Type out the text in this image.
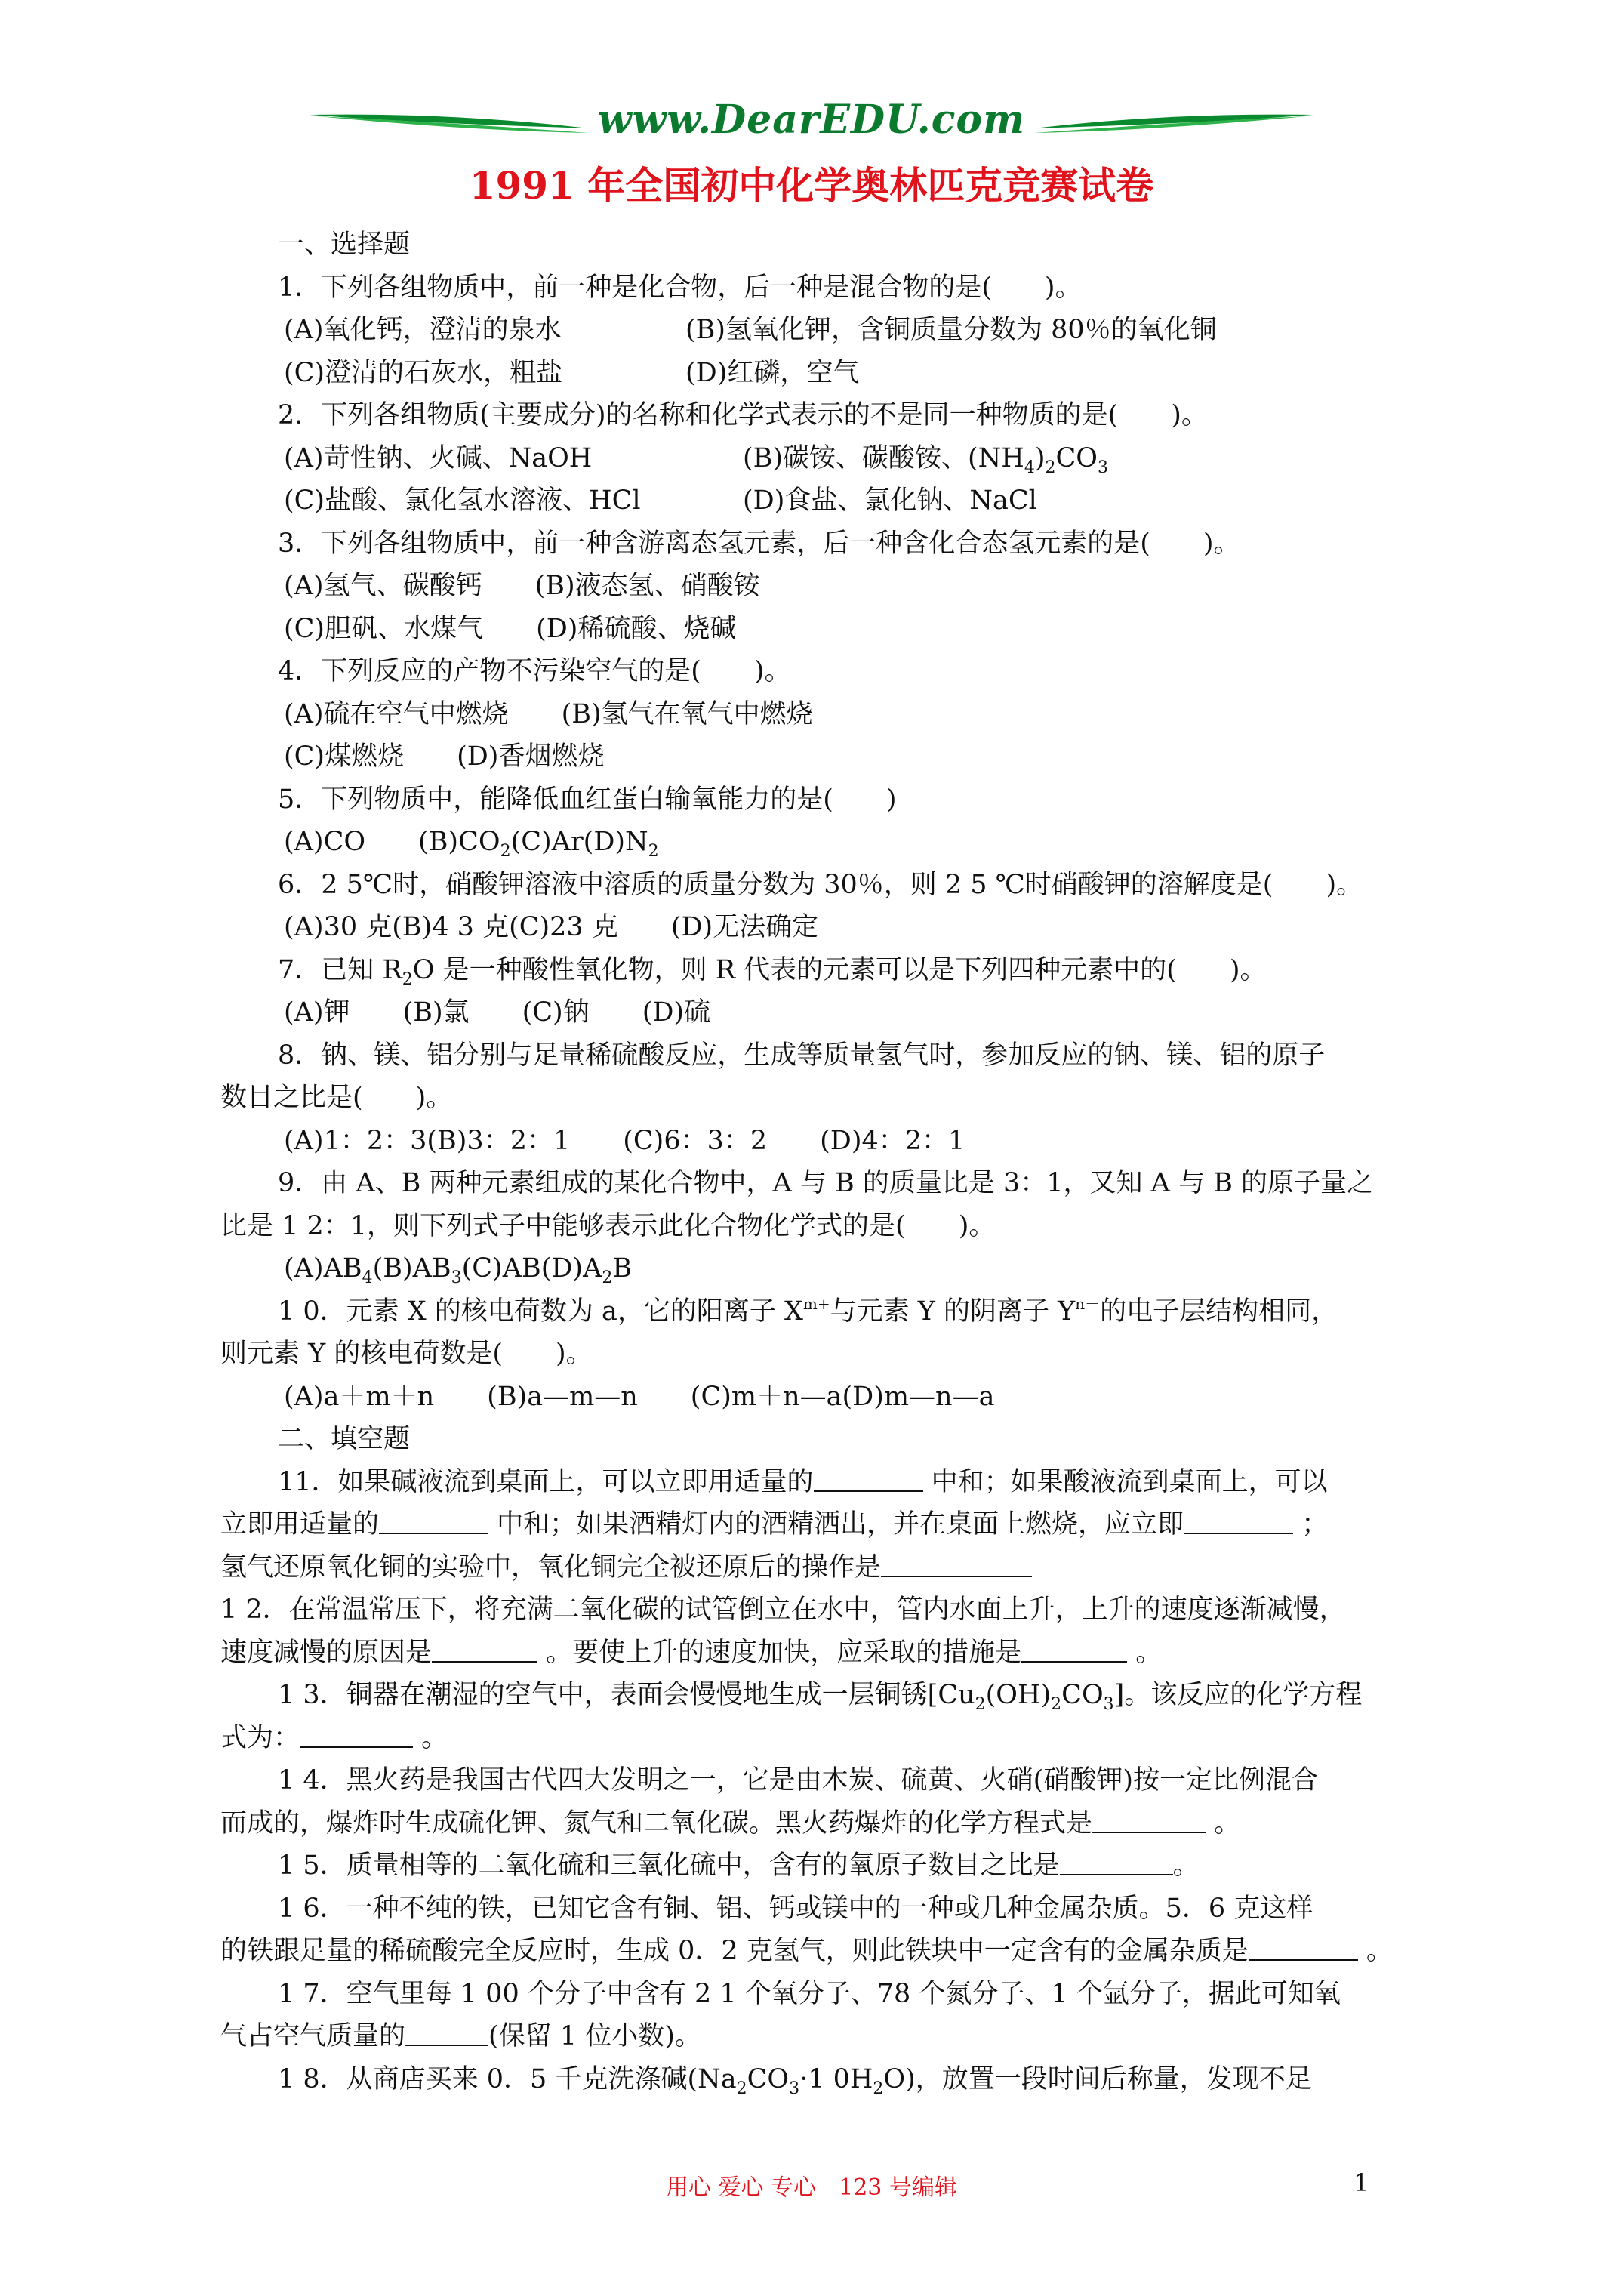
www.DearEDU.com
1991 年全国初中化学奥林匹克竞赛试卷
一、选择题
1．下列各组物质中，前一种是化合物，后一种是混合物的是(　　)。
(A)氧化钙，澄清的泉水	(B)氢氧化钾，含铜质量分数为 80％的氧化铜
(C)澄清的石灰水，粗盐	(D)红磷，空气
2．下列各组物质(主要成分)的名称和化学式表示的不是同一种物质的是(　　)。
(A)苛性钠、火碱、NaOH	(B)碳铵、碳酸铵、$(NH_4)_2CO_3$
(C)盐酸、氯化氢水溶液、HCl	(D)食盐、氯化钠、NaCl
3．下列各组物质中，前一种含游离态氢元素，后一种含化合态氢元素的是(　　)。
(A)氢气、碳酸钙　　(B)液态氢、硝酸铵
(C)胆矾、水煤气　　(D)稀硫酸、烧碱
4．下列反应的产物不污染空气的是(　　)。
(A)硫在空气中燃烧　　(B)氢气在氧气中燃烧
(C)煤燃烧　　(D)香烟燃烧
5．下列物质中，能降低血红蛋白输氧能力的是(　　)
(A)CO　　$(B)CO_2(C)Ar(D)N_2$
6．2 5℃时，硝酸钾溶液中溶质的质量分数为 30％，则 2 5 ℃时硝酸钾的溶解度是(　　)。
(A)30 克(B)4 3 克(C)23 克　　(D)无法确定
7．已知 $R_2O$ 是一种酸性氧化物，则 R 代表的元素可以是下列四种元素中的(　　)。
(A)钾　　(B)氯　　(C)钠　　(D)硫
8．钠、镁、铝分别与足量稀硫酸反应，生成等质量氢气时，参加反应的钠、镁、铝的原子
数目之比是(　　)。
(A)1：2：3(B)3：2：1　　(C)6：3：2　　(D)4：2：1
9．由 A、B 两种元素组成的某化合物中，A 与 B 的质量比是 3：1，又知 A 与 B 的原子量之
比是 1 2：1，则下列式子中能够表示此化合物化学式的是(　　)。
$(A)AB_4(B)AB_3(C)AB(D)A_2B$
1 0．元素 X 的核电荷数为 a，它的阳离子 $X^{m+}$与元素 Y 的阴离子 $Y^{n-}$的电子层结构相同，
则元素 Y 的核电荷数是(　　)。
(A)a＋m＋n　　(B)a—m—n　　(C)m＋n—a(D)m—n—a
二、填空题
11．如果碱液流到桌面上，可以立即用适量的	中和；如果酸液流到桌面上，可以
立即用适量的	中和；如果酒精灯内的酒精洒出，并在桌面上燃烧，应立即	；
氢气还原氧化铜的实验中，氧化铜完全被还原后的操作是
1 2．在常温常压下，将充满二氧化碳的试管倒立在水中，管内水面上升，上升的速度逐渐减慢，
速度减慢的原因是	。要使上升的速度加快，应采取的措施是	。
1 3．铜器在潮湿的空气中，表面会慢慢地生成一层铜锈$[Cu_2(OH)_2CO_3]$。该反应的化学方程
式为：	。
1 4．黑火药是我国古代四大发明之一，它是由木炭、硫黄、火硝(硝酸钾)按一定比例混合
而成的，爆炸时生成硫化钾、氮气和二氧化碳。黑火药爆炸的化学方程式是	。
1 5．质量相等的二氧化硫和三氧化硫中，含有的氧原子数目之比是	。
1 6．一种不纯的铁，已知它含有铜、铝、钙或镁中的一种或几种金属杂质。5．6 克这样
的铁跟足量的稀硫酸完全反应时，生成 0．2 克氢气，则此铁块中一定含有的金属杂质是	。
1 7．空气里每 1 00 个分子中含有 2 1 个氧分子、78 个氮分子、1 个氩分子，据此可知氧
气占空气质量的	(保留 1 位小数)。
1 8．从商店买来 0．5 千克洗涤碱($Na_2CO_3\cdot 1$ $0H_2O$)，放置一段时间后称量，发现不足
用心 爱心 专心　123 号编辑	1
